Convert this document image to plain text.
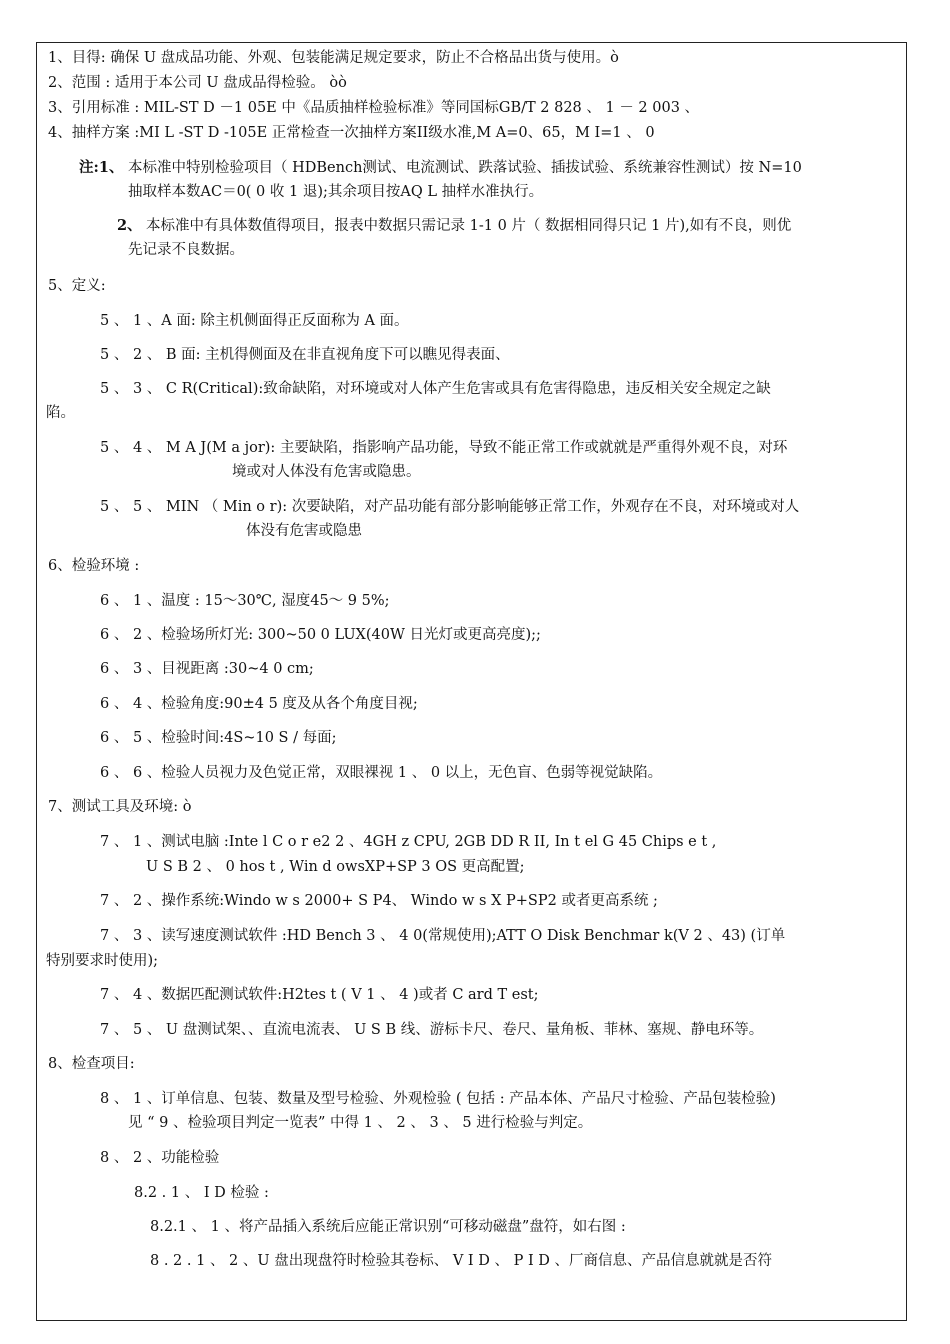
1、目得: 确保 U 盘成品功能、外观、包装能满足规定要求，防止不合格品出货与使用。ò
2、范围 : 适用于本公司 U 盘成品得检验。 òò
3、引用标准 : MIL-ST D －1 05E 中《品质抽样检验标准》等同国标GB/T 2 828 、 1 － 2 003 、
4、抽样方案 :MI L -ST D -105E 正常检查一次抽样方案II级水准,M A=0、65，M I=1 、 0
注:1、 本标准中特别检验项目（ HDBench测试、电流测试、跌落试验、插拔试验、系统兼容性测试）按 N=10
抽取样本数AC＝0( 0 收 1 退);其余项目按AQ L 抽样水准执行。
2、 本标准中有具体数值得项目，报表中数据只需记录 1-1 0 片（ 数据相同得只记 1 片),如有不良，则优
先记录不良数据。
5、定义:
5 、 1 、A 面: 除主机侧面得正反面称为 A 面。
5 、 2 、 B 面: 主机得侧面及在非直视角度下可以瞧见得表面、
5 、 3 、 C R(Critical):致命缺陷，对环境或对人体产生危害或具有危害得隐患，违反相关安全规定之缺
陷。
5 、 4 、 M A J(M a jor): 主要缺陷，指影响产品功能，导致不能正常工作或就就是严重得外观不良，对环
境或对人体没有危害或隐患。
5 、 5 、 MIN （ Min o r): 次要缺陷，对产品功能有部分影响能够正常工作，外观存在不良，对环境或对人
体没有危害或隐患
6、检验环境 :
6 、 1 、温度 : 15～30℃, 湿度45～ 9 5%;
6 、 2 、检验场所灯光: 300~50 0 LUX(40W 日光灯或更高亮度);;
6 、 3 、目视距离 :30~4 0 cm;
6 、 4 、检验角度:90±4 5 度及从各个角度目视;
6 、 5 、检验时间:4S~10 S / 每面;
6 、 6 、检验人员视力及色觉正常，双眼裸视 1 、 0 以上，无色盲、色弱等视觉缺陷。
7、测试工具及环境: ò
7 、 1 、测试电脑 :Inte l C o r e2 2 、4GH z CPU, 2GB DD R II, In t el G 45 Chips e t ,
U S B 2 、 0 hos t , Win d owsXP+SP 3 OS 更高配置;
7 、 2 、操作系统:Windo w s 2000+ S P4、 Windo w s X P+SP2 或者更高系统 ;
7 、 3 、读写速度测试软件 :HD Bench 3 、 4 0(常规使用);ATT O Disk Benchmar k(V 2 、43) (订单
特别要求时使用);
7 、 4 、数据匹配测试软件:H2tes t ( V 1 、 4 )或者 C ard T est;
7 、 5 、 U 盘测试架、、直流电流表、 U S B 线、游标卡尺、卷尺、量角板、菲林、塞规、静电环等。
8、检查项目:
8 、 1 、订单信息、包装、数量及型号检验、外观检验 ( 包括 : 产品本体、产品尺寸检验、产品包装检验)
见 “ 9 、检验项目判定一览表” 中得 1 、 2 、 3 、 5 进行检验与判定。
8 、 2 、功能检验
8.2 . 1 、 I D 检验 :
8.2.1 、 1 、将产品插入系统后应能正常识别“可移动磁盘”盘符，如右图 :
8 . 2 . 1 、 2 、U 盘出现盘符时检验其卷标、 V I D 、 P I D 、厂商信息、产品信息就就是否符
